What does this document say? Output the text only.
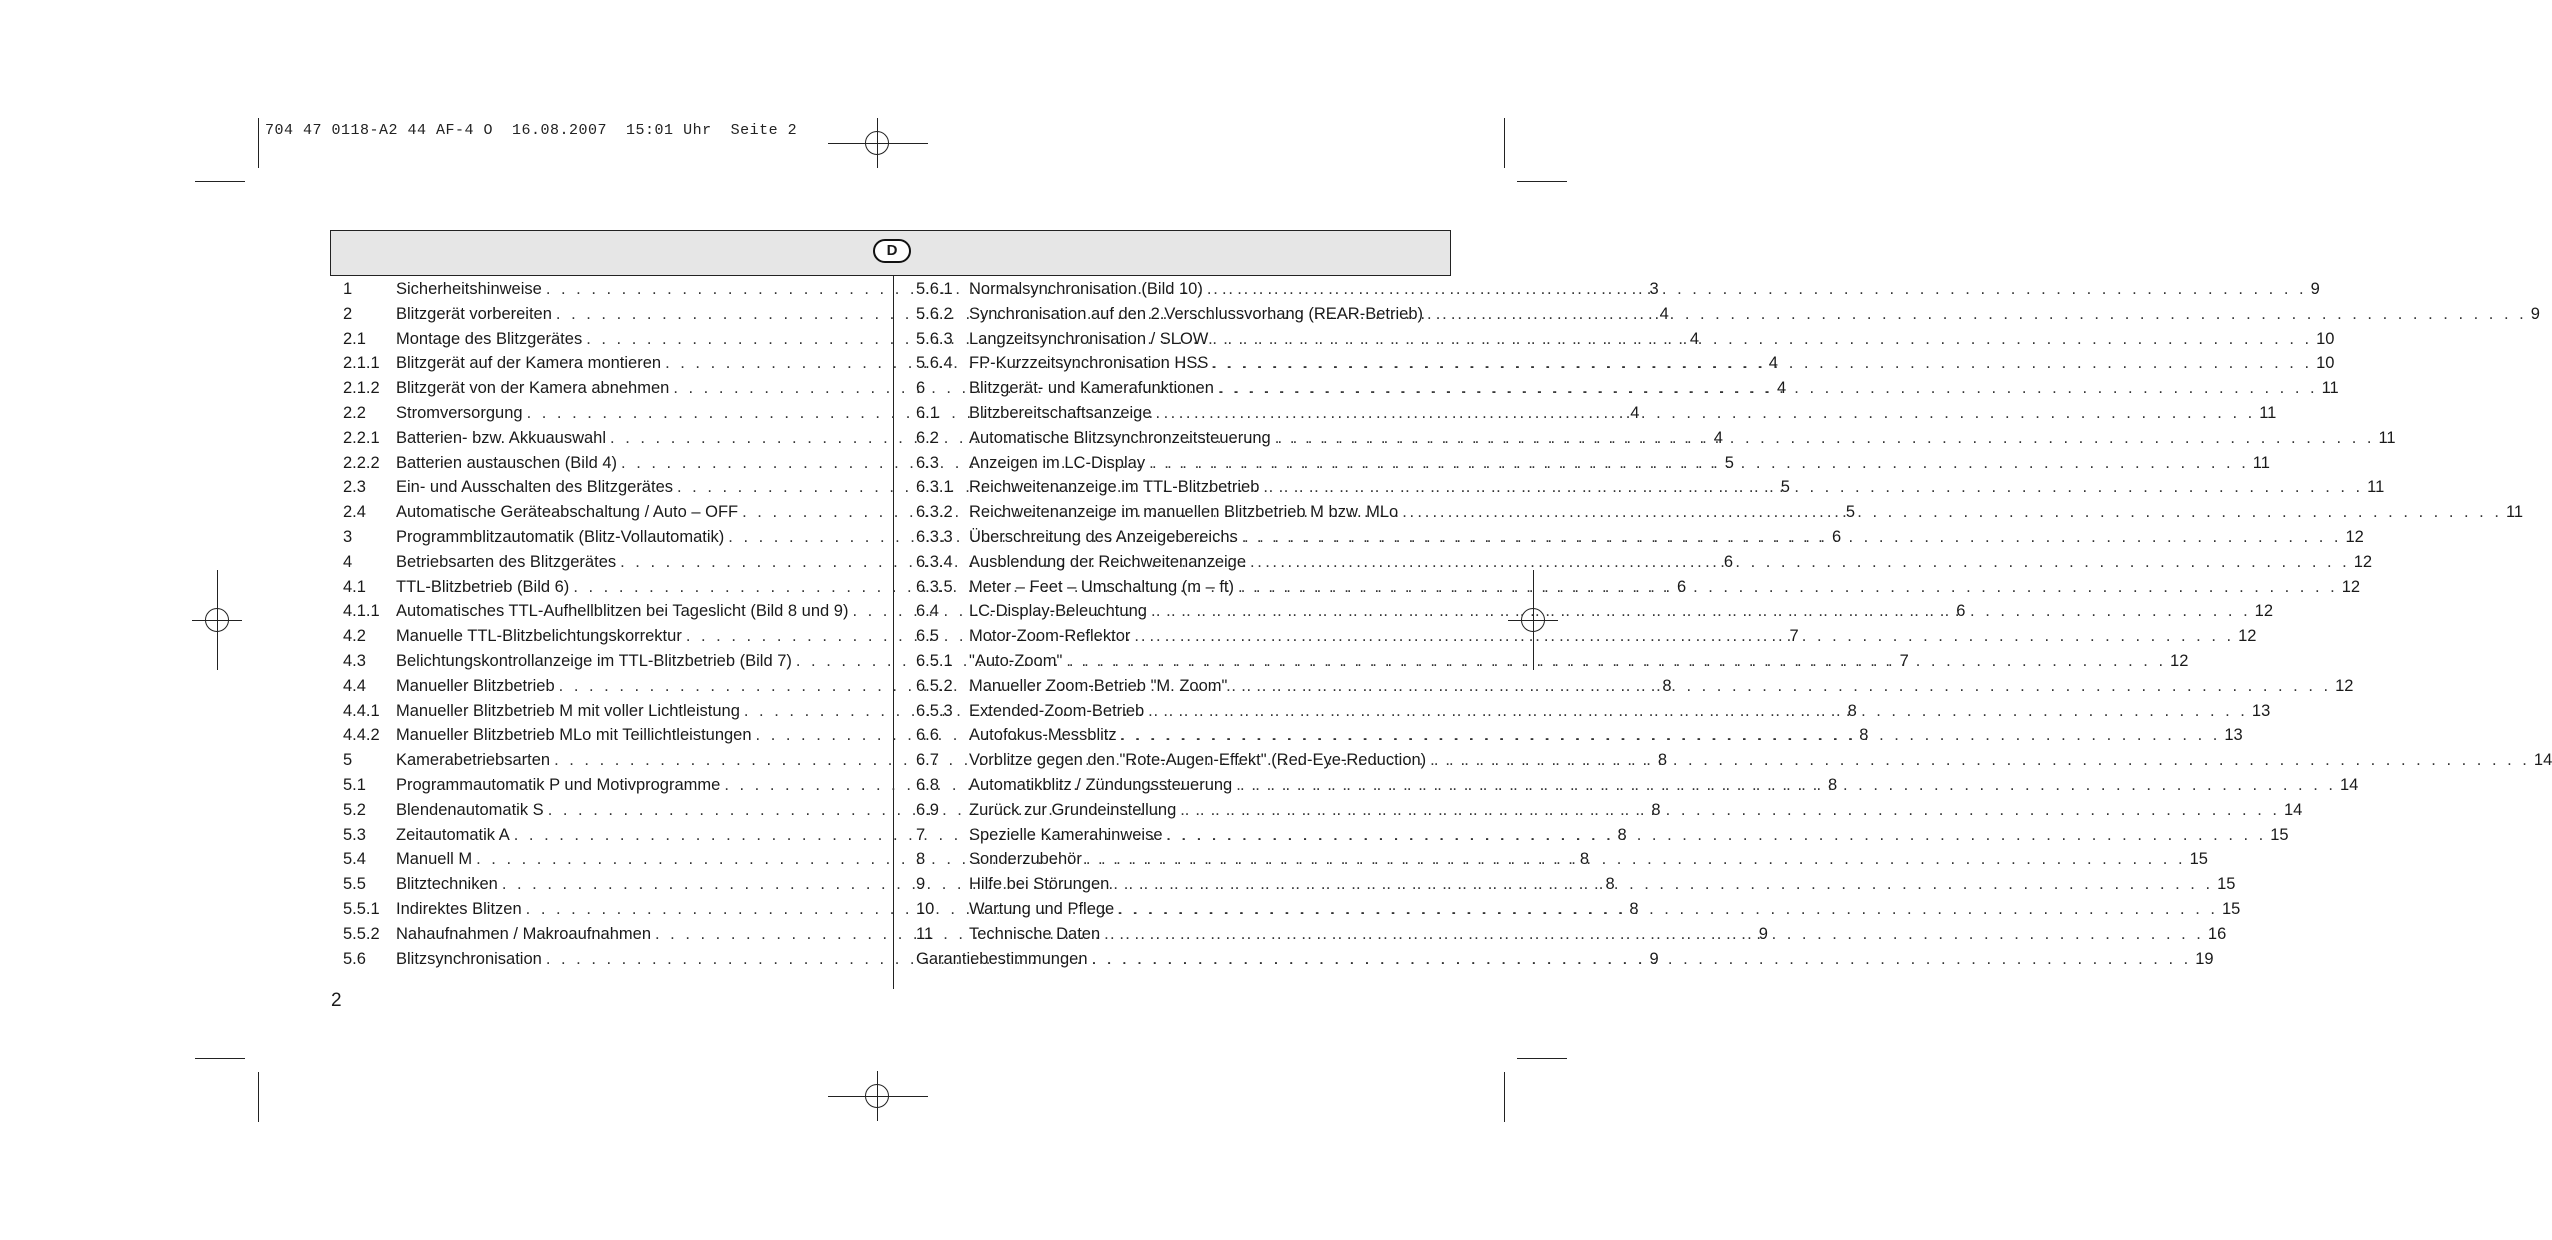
704 47 0118-A2 44 AF-4 O  16.08.2007  15:01 Uhr  Seite 2
D
1	Sicherheitshinweise . . .	3
2	Blitzgerät vorbereiten . . .	4
2.1	Montage des Blitzgerätes . . .	4
2.1.1 Blitzgerät auf der Kamera montieren . . .	4
2.1.2 Blitzgerät von der Kamera abnehmen . . .	4
2.2	Stromversorgung . . .	4
2.2.1 Batterien- bzw. Akkuauswahl . . .	4
2.2.2 Batterien austauschen (Bild 4) . . .	5
2.3	Ein- und Ausschalten des Blitzgerätes . . .	5
2.4	Automatische Geräteabschaltung / Auto – OFF . . .	5
3	Programmblitzautomatik (Blitz-Vollautomatik) . . .	6
4	Betriebsarten des Blitzgerätes . . .	6
4.1	TTL-Blitzbetrieb (Bild 6) . . .	6
4.1.1 Automatisches TTL-Aufhellblitzen bei Tageslicht (Bild 8 und 9) . . .	6
4.2	Manuelle TTL-Blitzbelichtungskorrektur . . .	7
4.3	Belichtungskontrollanzeige im TTL-Blitzbetrieb (Bild 7) . . .	7
4.4	Manueller Blitzbetrieb . . .	8
4.4.1 Manueller Blitzbetrieb M mit voller Lichtleistung . . .	8
4.4.2 Manueller Blitzbetrieb MLo mit Teillichtleistungen . . .	8
5	Kamerabetriebsarten . . .	8
5.1	Programmautomatik P und Motivprogramme . . .	8
5.2	Blendenautomatik S . . .	8
5.3	Zeitautomatik A . . .	8
5.4	Manuell M . . .	8
5.5	Blitztechniken . . .	8
5.5.1 Indirektes Blitzen . . .	8
5.5.2 Nahaufnahmen / Makroaufnahmen . . .	9
5.6	Blitzsynchronisation . . .	9
5.6.1 Normalsynchronisation (Bild 10) . . .	9
5.6.2 Synchronisation auf den 2.Verschlussvorhang (REAR-Betrieb) . . .	9
5.6.3 Langzeitsynchronisation / SLOW . . .	10
5.6.4 FP-Kurzzeitsynchronisation HSS . . .	10
6	Blitzgerät- und Kamerafunktionen . . .	11
6.1	Blitzbereitschaftsanzeige . . .	11
6.2	Automatische Blitzsynchronzeitsteuerung . . .	11
6.3	Anzeigen im LC-Display . . .	11
6.3.1 Reichweitenanzeige im TTL-Blitzbetrieb . . .	11
6.3.2 Reichweitenanzeige im manuellen Blitzbetrieb M bzw. MLo . . .	11
6.3.3 Überschreitung des Anzeigebereichs . . .	12
6.3.4 Ausblendung der Reichweitenanzeige . . .	12
6.3.5 Meter – Feet – Umschaltung (m – ft) . . .	12
6.4	LC-Display-Beleuchtung . . .	12
6.5	Motor-Zoom-Reflektor . . .	12
6.5.1 "Auto-Zoom" . . .	12
6.5.2 Manueller Zoom-Betrieb "M. Zoom" . . .	12
6.5.3 Extended-Zoom-Betrieb . . .	13
6.6	Autofokus-Messblitz . . .	13
6.7	Vorblitze gegen den "Rote-Augen-Effekt" (Red-Eye-Reduction) . . .	14
6.8	Automatikblitz / Zündungssteuerung . . .	14
6.9	Zurück zur Grundeinstellung . . .	14
7	Spezielle Kamerahinweise . . .	15
8	Sonderzubehör . . .	15
9	Hilfe bei Störungen . . .	15
10	Wartung und Pflege . . .	15
11	Technische Daten . . .	16
Garantiebestimmungen . . .	19
2
